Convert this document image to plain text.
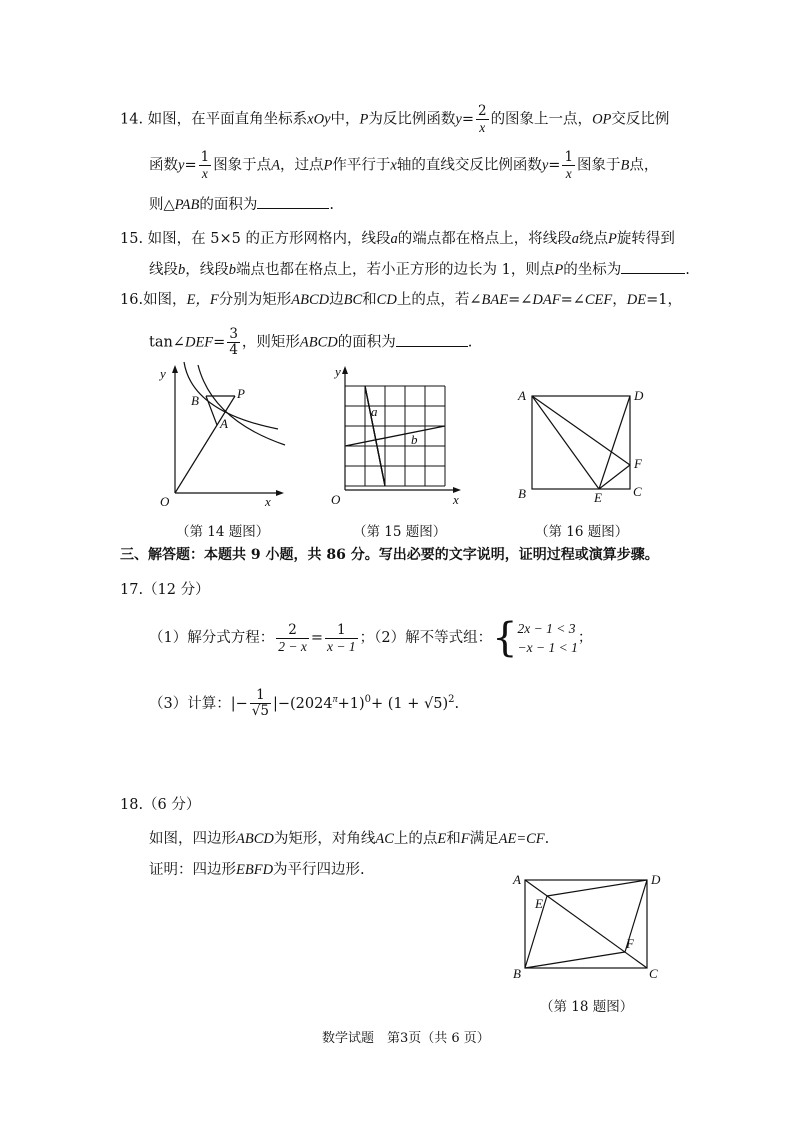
14. 如图，在平面直角坐标系xOy中，P为反比例函数$y= \frac{2}{x}$ 的图象上一点，OP交反比例
函数$y= \frac{1}{x}$ 图象于点A，过点P作平行于x轴的直线交反比例函数$y= \frac{1}{x}$ 图象于B点，
则△PAB的面积为	.
15. 如图，在 5×5 的正方形网格内，线段a的端点都在格点上，将线段a绕点P旋转得到
线段b，线段b端点也都在格点上，若小正方形的边长为 1，则点P的坐标为	.
16.如图，E，F分别为矩形ABCD边BC和CD上的点，若∠BAE=∠DAF=∠CEF，DE=1，
tan∠DEF= $\frac{3}{4}$ ，则矩形ABCD的面积为	.
y
x
O
B	P
A
（第 14 题图）
y
x
O
a
b
（第 15 题图）
A	D
B	E C
F
（第 16 题图）
三、解答题：本题共 9 小题，共 86 分。写出必要的文字说明，证明过程或演算步骤。
17.（12 分）
（1）解分式方程： $\frac{2}{2 - x} = \frac{1}{x - 1}$ ；（2）解不等式组：{ 2x − 1 < 3
−x − 1 < 1
；
（3）计算：|− $\frac{1}{√5} |-(2024^\pi+1)^0+ (1 + √5)^2$.
18.（6 分）
如图，四边形ABCD为矩形，对角线AC上的点E和F满足AE=CF.
证明：四边形EBFD为平行四边形.
A	D
E
F
B	C
（第 18 题图）
数学试题　第3页（共 6 页）
